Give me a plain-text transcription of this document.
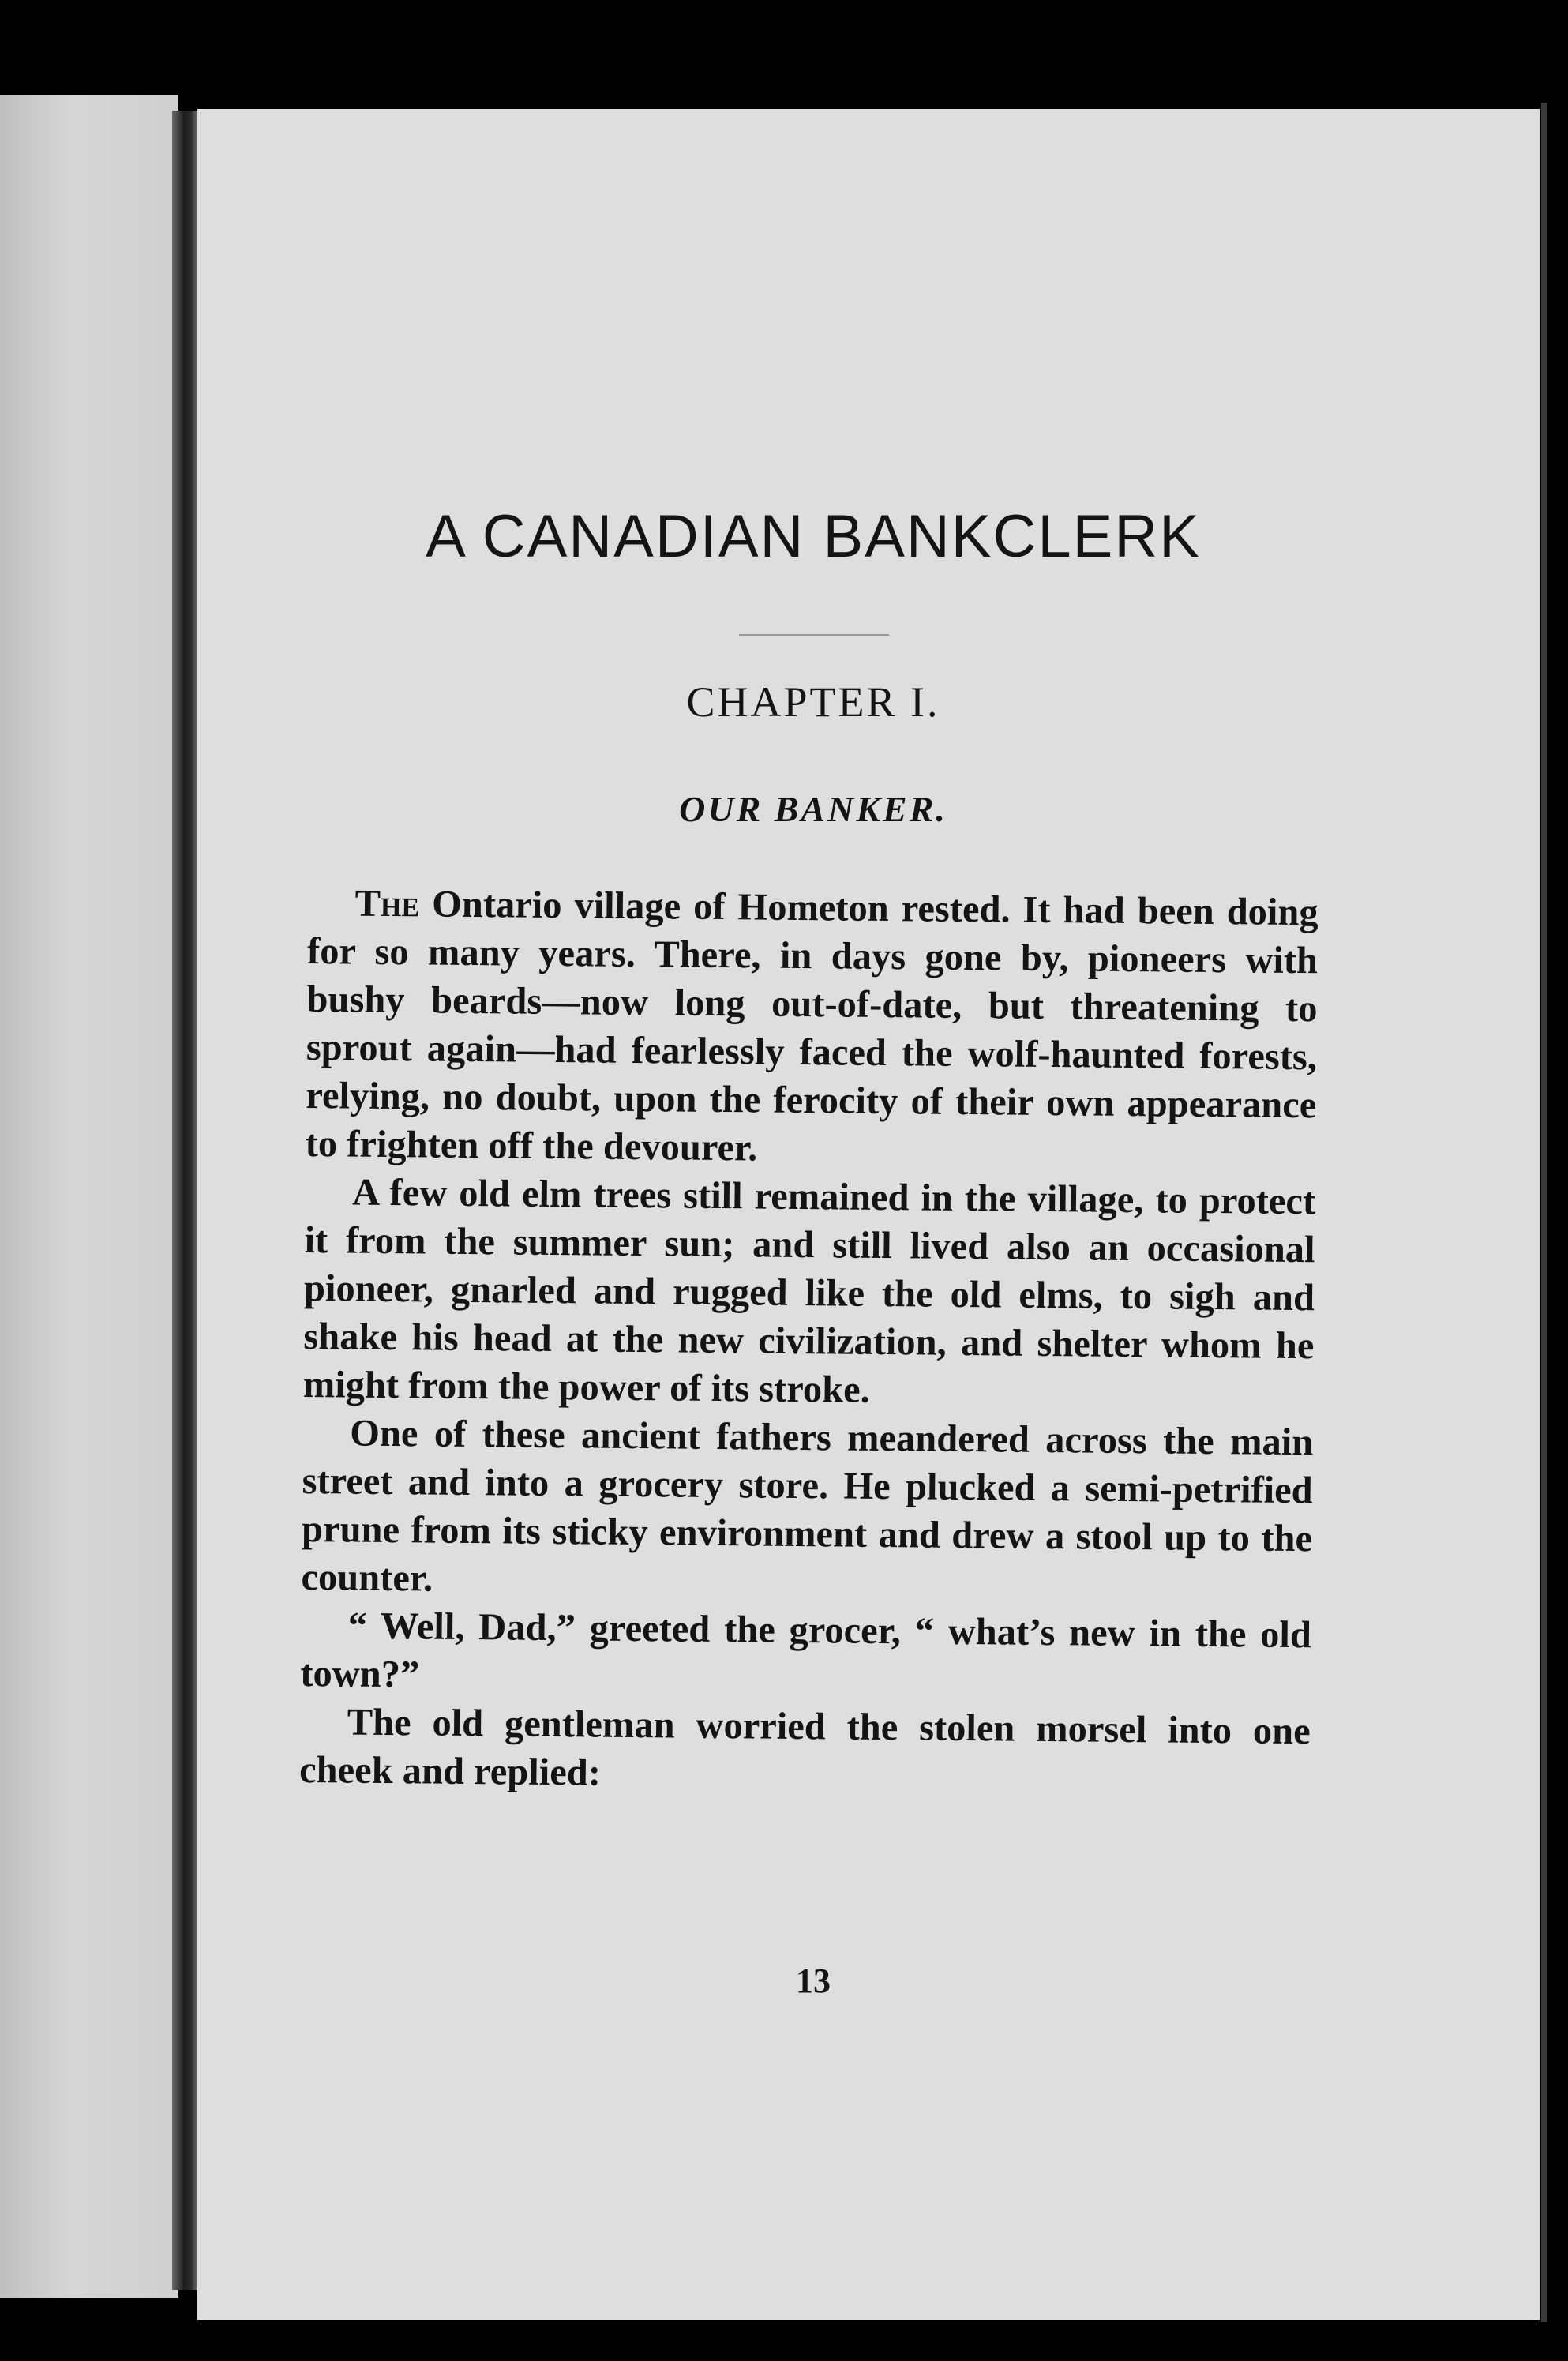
A CANADIAN BANKCLERK
CHAPTER I.
OUR BANKER.

The Ontario village of Hometon rested. It had been doing for so many years. There, in days gone by, pioneers with bushy beards—now long out-of-date, but threatening to sprout again—had fearlessly faced the wolf-haunted forests, relying, no doubt, upon the ferocity of their own appearance to frighten off the devourer.

A few old elm trees still remained in the village, to protect it from the summer sun; and still lived also an occasional pioneer, gnarled and rugged like the old elms, to sigh and shake his head at the new civilization, and shelter whom he might from the power of its stroke.

One of these ancient fathers meandered across the main street and into a grocery store. He plucked a semi-petrified prune from its sticky environment and drew a stool up to the counter.

“ Well, Dad,” greeted the grocer, “ what’s new in the old town?”

The old gentleman worried the stolen morsel into one cheek and replied:

13
